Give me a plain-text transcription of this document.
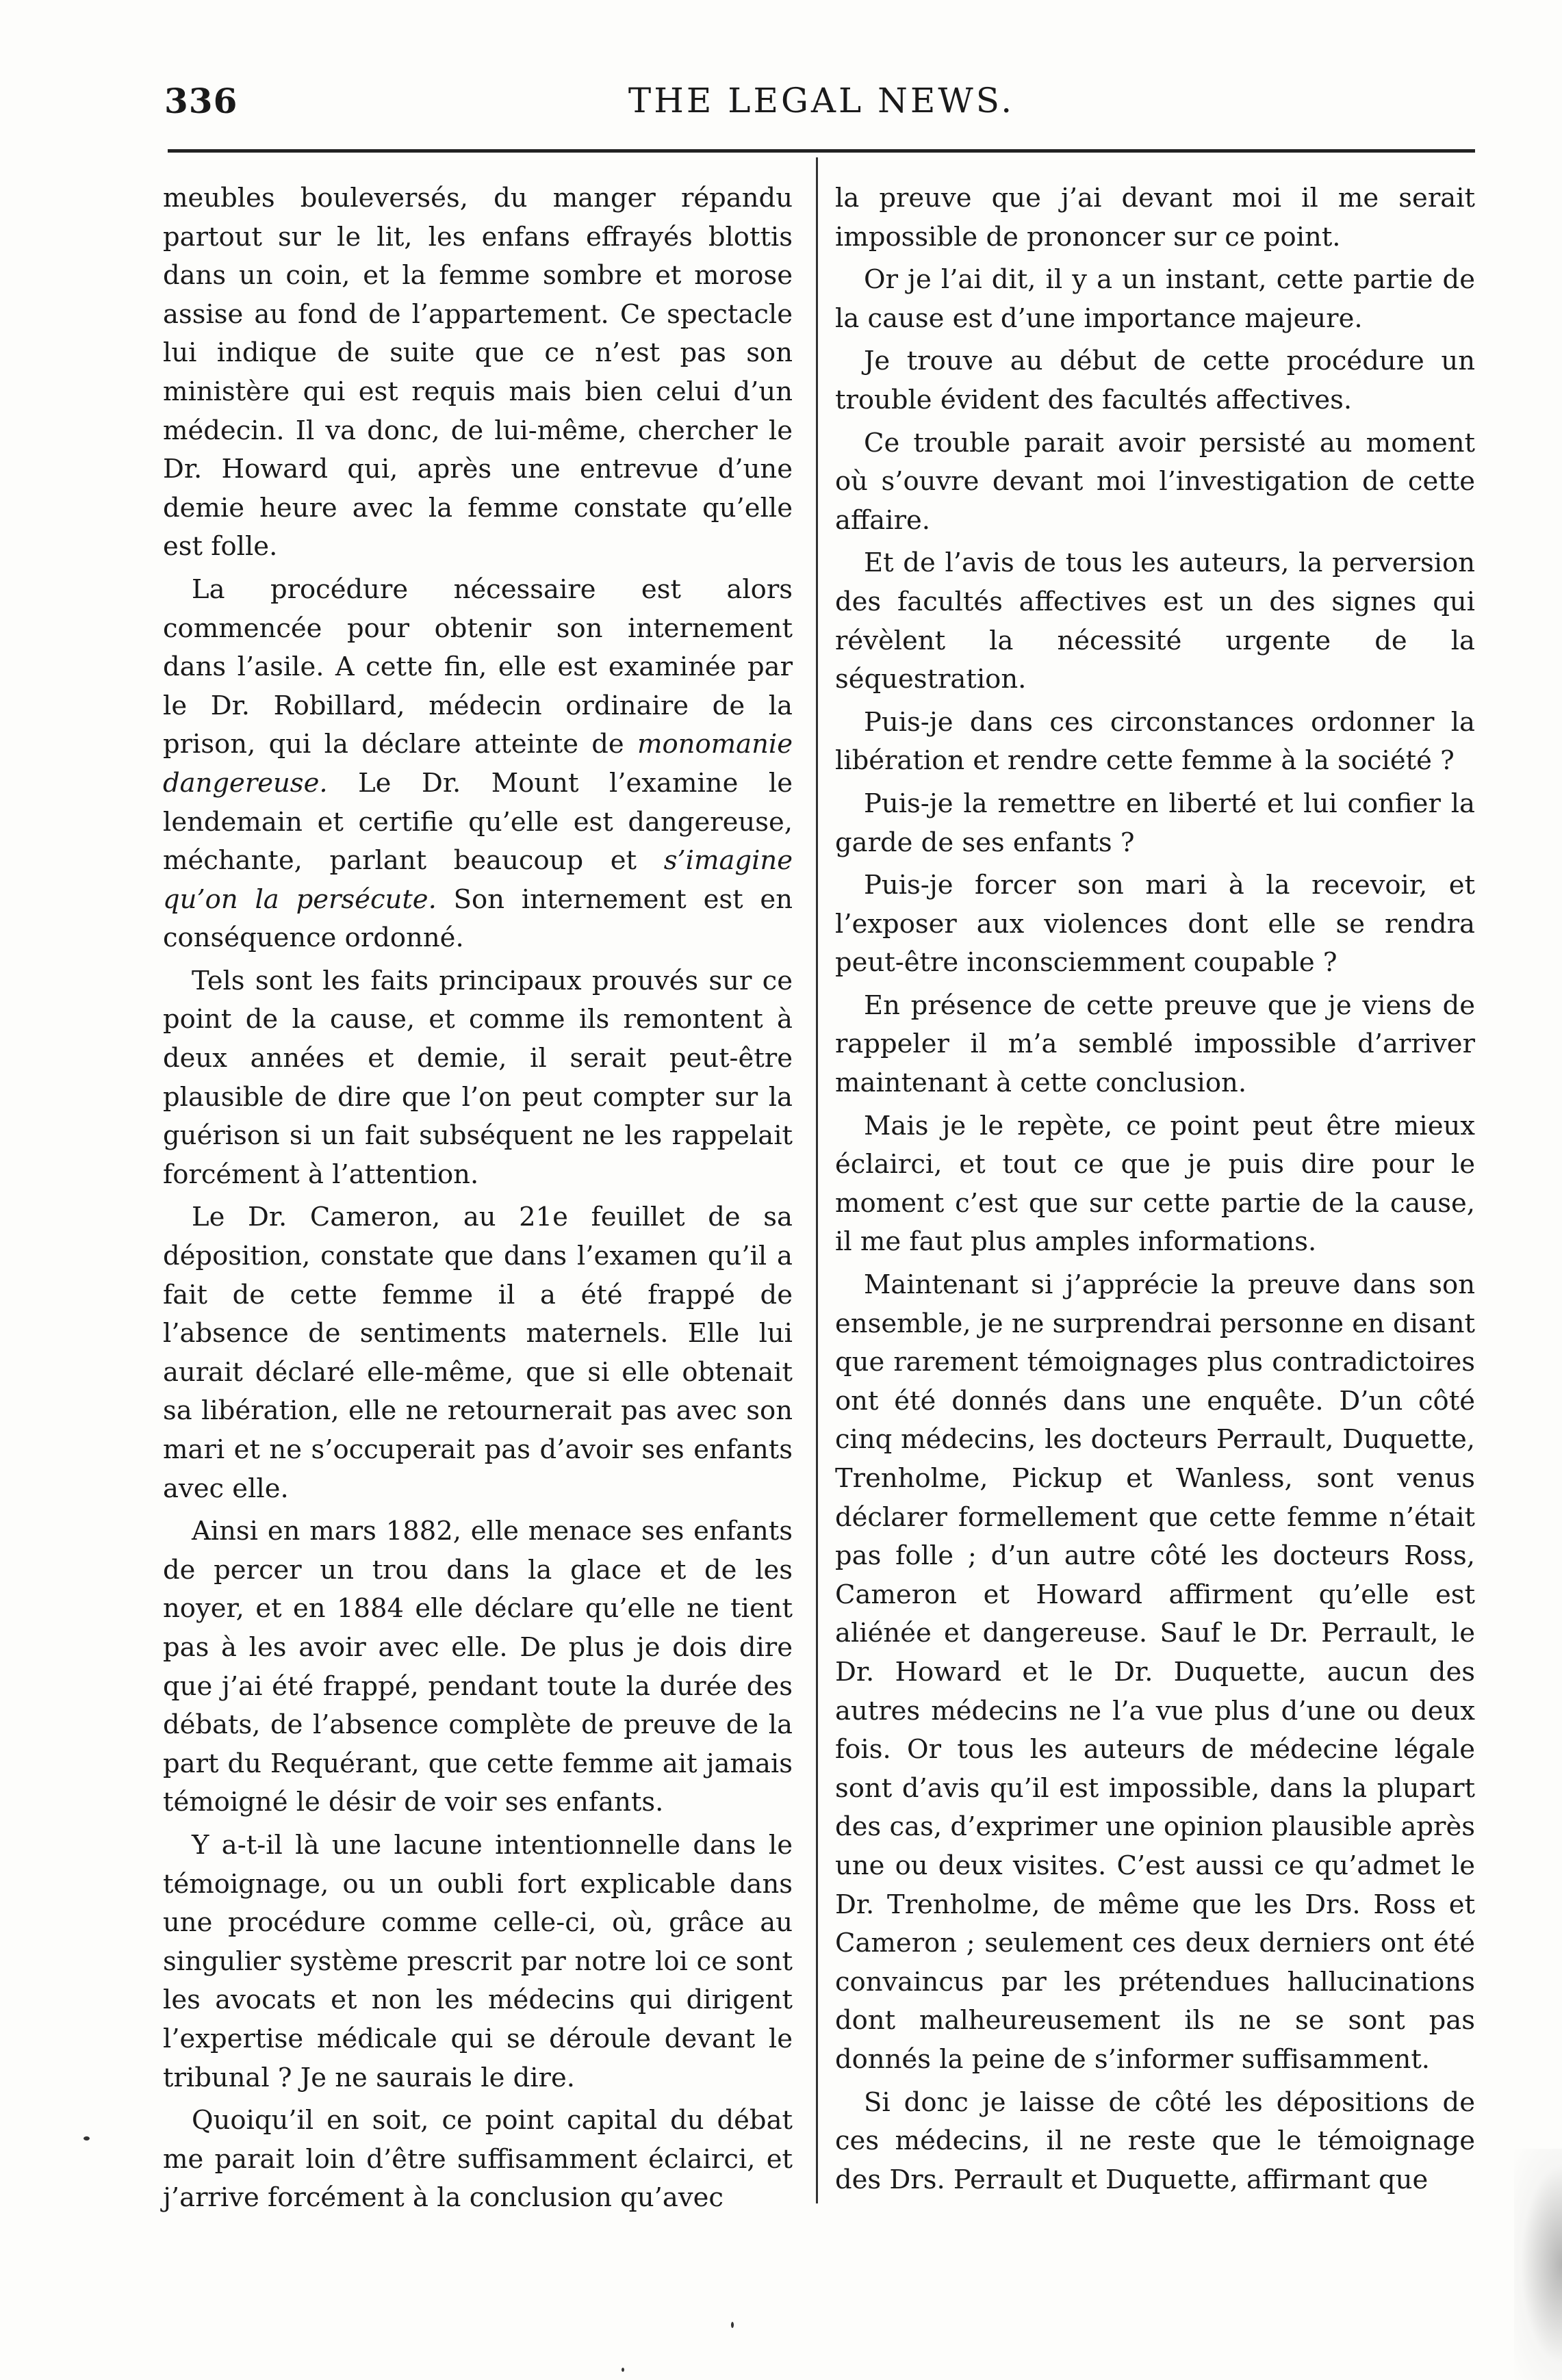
336	THE LEGAL NEWS.

meubles bouleversés, du manger répandu partout sur le lit, les enfans effrayés blottis dans un coin, et la femme sombre et morose assise au fond de l’appartement. Ce spectacle lui indique de suite que ce n’est pas son ministère qui est requis mais bien celui d’un médecin. Il va donc, de lui-même, chercher le Dr. Howard qui, après une entrevue d’une demie heure avec la femme constate qu’elle est folle.

La procédure nécessaire est alors commencée pour obtenir son internement dans l’asile. A cette fin, elle est examinée par le Dr. Robillard, médecin ordinaire de la prison, qui la déclare atteinte de monomanie dangereuse. Le Dr. Mount l’examine le lendemain et certifie qu’elle est dangereuse, méchante, parlant beaucoup et s’imagine qu’on la persécute. Son internement est en conséquence ordonné.

Tels sont les faits principaux prouvés sur ce point de la cause, et comme ils remontent à deux années et demie, il serait peut-être plausible de dire que l’on peut compter sur la guérison si un fait subséquent ne les rappelait forcément à l’attention.

Le Dr. Cameron, au 21e feuillet de sa déposition, constate que dans l’examen qu’il a fait de cette femme il a été frappé de l’absence de sentiments maternels. Elle lui aurait déclaré elle-même, que si elle obtenait sa libération, elle ne retournerait pas avec son mari et ne s’occuperait pas d’avoir ses enfants avec elle.

Ainsi en mars 1882, elle menace ses enfants de percer un trou dans la glace et de les noyer, et en 1884 elle déclare qu’elle ne tient pas à les avoir avec elle. De plus je dois dire que j’ai été frappé, pendant toute la durée des débats, de l’absence complète de preuve de la part du Requérant, que cette femme ait jamais témoigné le désir de voir ses enfants.

Y a-t-il là une lacune intentionnelle dans le témoignage, ou un oubli fort explicable dans une procédure comme celle-ci, où, grâce au singulier système prescrit par notre loi ce sont les avocats et non les médecins qui dirigent l’expertise médicale qui se déroule devant le tribunal ? Je ne saurais le dire.

Quoiqu’il en soit, ce point capital du débat me parait loin d’être suffisamment éclairci, et j’arrive forcément à la conclusion qu’avec

la preuve que j’ai devant moi il me serait impossible de prononcer sur ce point.

Or je l’ai dit, il y a un instant, cette partie de la cause est d’une importance majeure.

Je trouve au début de cette procédure un trouble évident des facultés affectives.

Ce trouble parait avoir persisté au moment où s’ouvre devant moi l’investigation de cette affaire.

Et de l’avis de tous les auteurs, la perversion des facultés affectives est un des signes qui révèlent la nécessité urgente de la séquestration.

Puis-je dans ces circonstances ordonner la libération et rendre cette femme à la société ?

Puis-je la remettre en liberté et lui confier la garde de ses enfants ?

Puis-je forcer son mari à la recevoir, et l’exposer aux violences dont elle se rendra peut-être inconsciemment coupable ?

En présence de cette preuve que je viens de rappeler il m’a semblé impossible d’arriver maintenant à cette conclusion.

Mais je le repète, ce point peut être mieux éclairci, et tout ce que je puis dire pour le moment c’est que sur cette partie de la cause, il me faut plus amples informations.

Maintenant si j’apprécie la preuve dans son ensemble, je ne surprendrai personne en disant que rarement témoignages plus contradictoires ont été donnés dans une enquête. D’un côté cinq médecins, les docteurs Perrault, Duquette, Trenholme, Pickup et Wanless, sont venus déclarer formellement que cette femme n’était pas folle ; d’un autre côté les docteurs Ross, Cameron et Howard affirment qu’elle est aliénée et dangereuse. Sauf le Dr. Perrault, le Dr. Howard et le Dr. Duquette, aucun des autres médecins ne l’a vue plus d’une ou deux fois. Or tous les auteurs de médecine légale sont d’avis qu’il est impossible, dans la plupart des cas, d’exprimer une opinion plausible après une ou deux visites. C’est aussi ce qu’admet le Dr. Trenholme, de même que les Drs. Ross et Cameron ; seulement ces deux derniers ont été convaincus par les prétendues hallucinations dont malheureusement ils ne se sont pas donnés la peine de s’informer suffisamment.

Si donc je laisse de côté les dépositions de ces médecins, il ne reste que le témoignage des Drs. Perrault et Duquette, affirmant que
